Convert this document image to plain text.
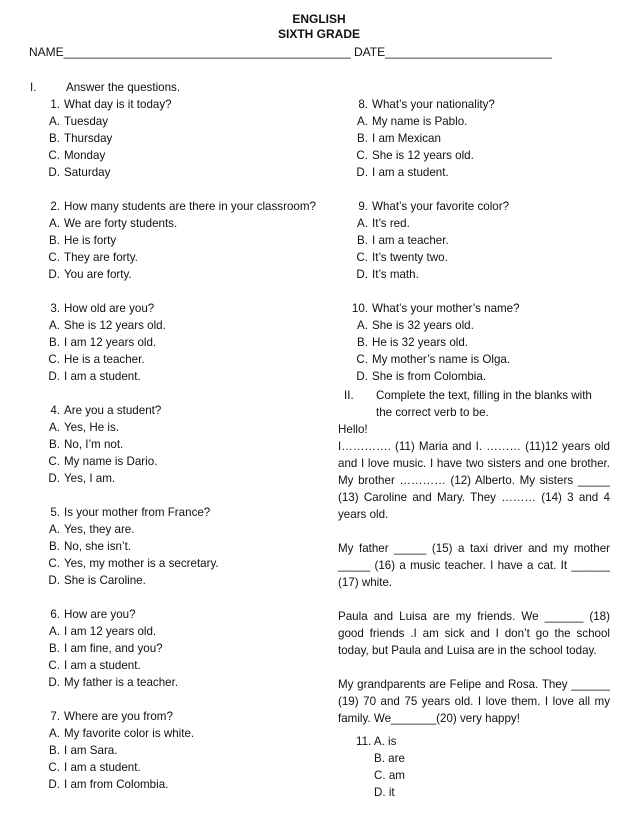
ENGLISH
SIXTH GRADE
NAME___________________________________________ DATE_________________________
I.	Answer the questions.
1. What day is it today?
A. Tuesday
B. Thursday
C. Monday
D. Saturday
2. How many students are there in your classroom?
A. We are forty students.
B. He is forty
C. They are forty.
D. You are forty.
3. How old are you?
A. She is 12 years old.
B. I am 12 years old.
C. He is a teacher.
D. I am a student.
4. Are you a student?
A. Yes, He is.
B. No, I’m not.
C. My name is Dario.
D. Yes, I am.
5. Is your mother from France?
A. Yes, they are.
B. No, she isn’t.
C. Yes, my mother is a secretary.
D. She is Caroline.
6. How are you?
A. I am 12 years old.
B. I am fine, and you?
C. I am a student.
D. My father is a teacher.
7. Where are you from?
A. My favorite color is white.
B. I am Sara.
C. I am a student.
D. I am from Colombia.
8. What’s your nationality?
A. My name is Pablo.
B. I am Mexican
C. She is 12 years old.
D. I am a student.
9. What’s your favorite color?
A. It’s red.
B. I am a teacher.
C. It’s twenty two.
D. It’s math.
10. What’s your mother’s name?
A. She is 32 years old.
B. He is 32 years old.
C. My mother’s name is Olga.
D. She is from Colombia.
II.	Complete the text, filling in the blanks with the correct verb to be.
Hello!

I…………. (11) Maria and I. ……… (11)12 years old and I love music. I have two sisters and one brother. My brother ………… (12) Alberto. My sisters _____ (13) Caroline and Mary. They ……… (14) 3 and 4 years old.

My father _____ (15) a taxi driver and my mother _____ (16) a music teacher. I have a cat. It ______ (17) white.

Paula and Luisa are my friends. We ______ (18) good friends .I am sick and I don’t go the school today, but Paula and Luisa are in the school today.

My grandparents are Felipe and Rosa. They ______ (19) 70 and 75 years old. I love them. I love all my family. We_______(20) very happy!

11. A. is
B. are
C. am
D. it
